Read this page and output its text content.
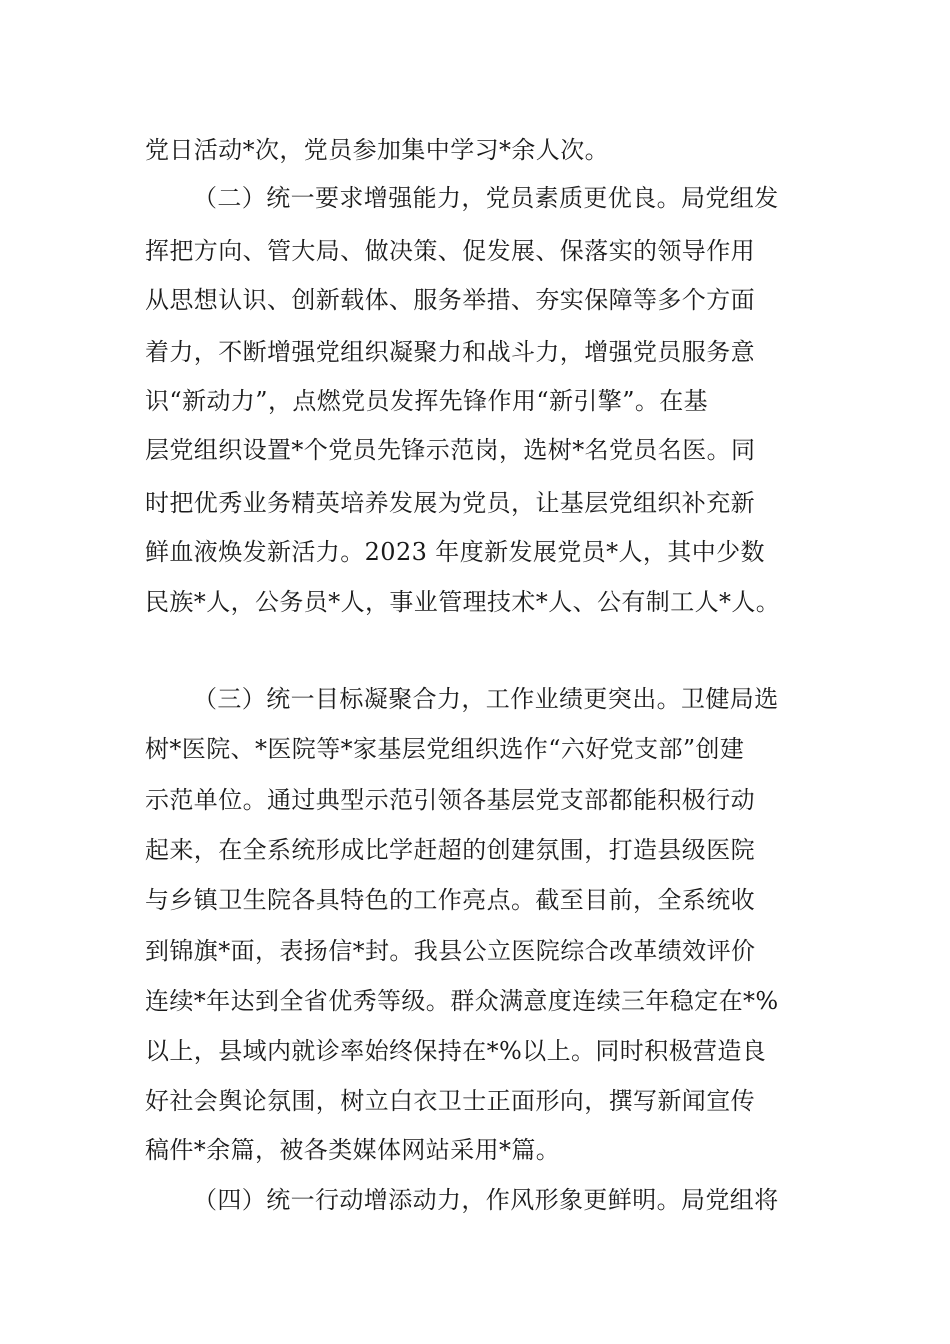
党日活动*次，党员参加集中学习*余人次。

（二）统一要求增强能力，党员素质更优良。局党组发

挥把方向、管大局、做决策、促发展、保落实的领导作用

从思想认识、创新载体、服务举措、夯实保障等多个方面

着力，不断增强党组织凝聚力和战斗力，增强党员服务意

识“新动力”，点燃党员发挥先锋作用“新引擎”。在基

层党组织设置*个党员先锋示范岗，选树*名党员名医。同

时把优秀业务精英培养发展为党员，让基层党组织补充新

鲜血液焕发新活力。2023 年度新发展党员*人，其中少数

民族*人，公务员*人，事业管理技术*人、公有制工人*人。

（三）统一目标凝聚合力，工作业绩更突出。卫健局选

树*医院、*医院等*家基层党组织选作“六好党支部”创建

示范单位。通过典型示范引领各基层党支部都能积极行动

起来，在全系统形成比学赶超的创建氛围，打造县级医院

与乡镇卫生院各具特色的工作亮点。截至目前，全系统收

到锦旗*面，表扬信*封。我县公立医院综合改革绩效评价

连续*年达到全省优秀等级。群众满意度连续三年稳定在*%

以上，县域内就诊率始终保持在*%以上。同时积极营造良

好社会舆论氛围，树立白衣卫士正面形向，撰写新闻宣传

稿件*余篇，被各类媒体网站采用*篇。

（四）统一行动增添动力，作风形象更鲜明。局党组将
